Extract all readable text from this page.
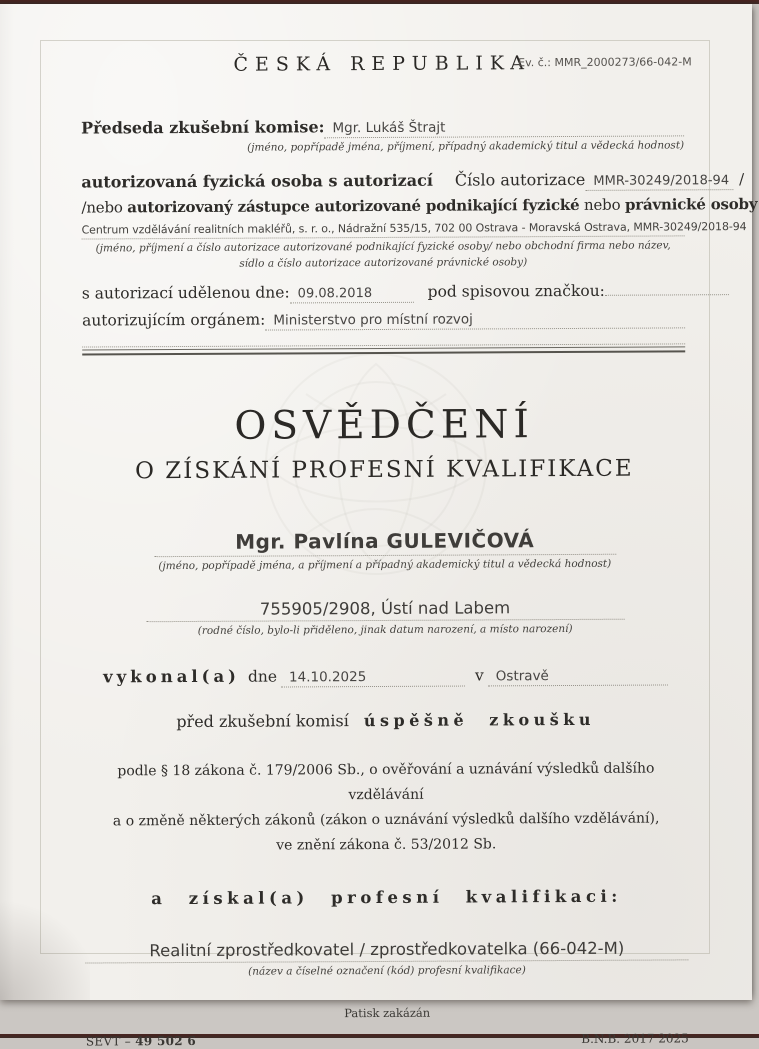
ČESKÁ REPUBLIKA
Ev. č.: MMR_2000273/66-042-M
Předseda zkušební komise: Mgr. Lukáš Štrajt
(jméno, popřípadě jména, příjmení, případný akademický titul a vědecká hodnost)
autorizovaná fyzická osoba s autorizací Číslo autorizace MMR-30249/2018-94 /
/nebo autorizovaný zástupce autorizované podnikající fyzické nebo právnické osoby
Centrum vzdělávání realitních makléřů, s. r. o., Nádražní 535/15, 702 00 Ostrava - Moravská Ostrava, MMR-30249/2018-94
(jméno, příjmení a číslo autorizace autorizované podnikající fyzické osoby/ nebo obchodní firma nebo název,
sídlo a číslo autorizace autorizované právnické osoby)
s autorizací udělenou dne: 09.08.2018	pod spisovou značkou:
autorizujícím orgánem: Ministerstvo pro místní rozvoj
OSVĚDČENÍ
O ZÍSKÁNÍ PROFESNÍ KVALIFIKACE
Mgr. Pavlína GULEVIČOVÁ
(jméno, popřípadě jména, a příjmení a případný akademický titul a vědecká hodnost)
755905/2908, Ústí nad Labem
(rodné číslo, bylo-li přiděleno, jinak datum narození, a místo narození)
vykonal(a) dne 14.10.2025	v Ostravě
před zkušební komisí úspěšně zkoušku
podle § 18 zákona č. 179/2006 Sb., o ověřování a uznávání výsledků dalšího vzdělávání
a o změně některých zákonů (zákon o uznávání výsledků dalšího vzdělávání),
ve znění zákona č. 53/2012 Sb.
a získal(a) profesní kvalifikaci:
Realitní zprostředkovatel / zprostředkovatelka (66-042-M)
(název a číselné označení (kód) profesní kvalifikace)
Patisk zakázán
SEVT – 49 502 6	B.N.B. 2017 2025
